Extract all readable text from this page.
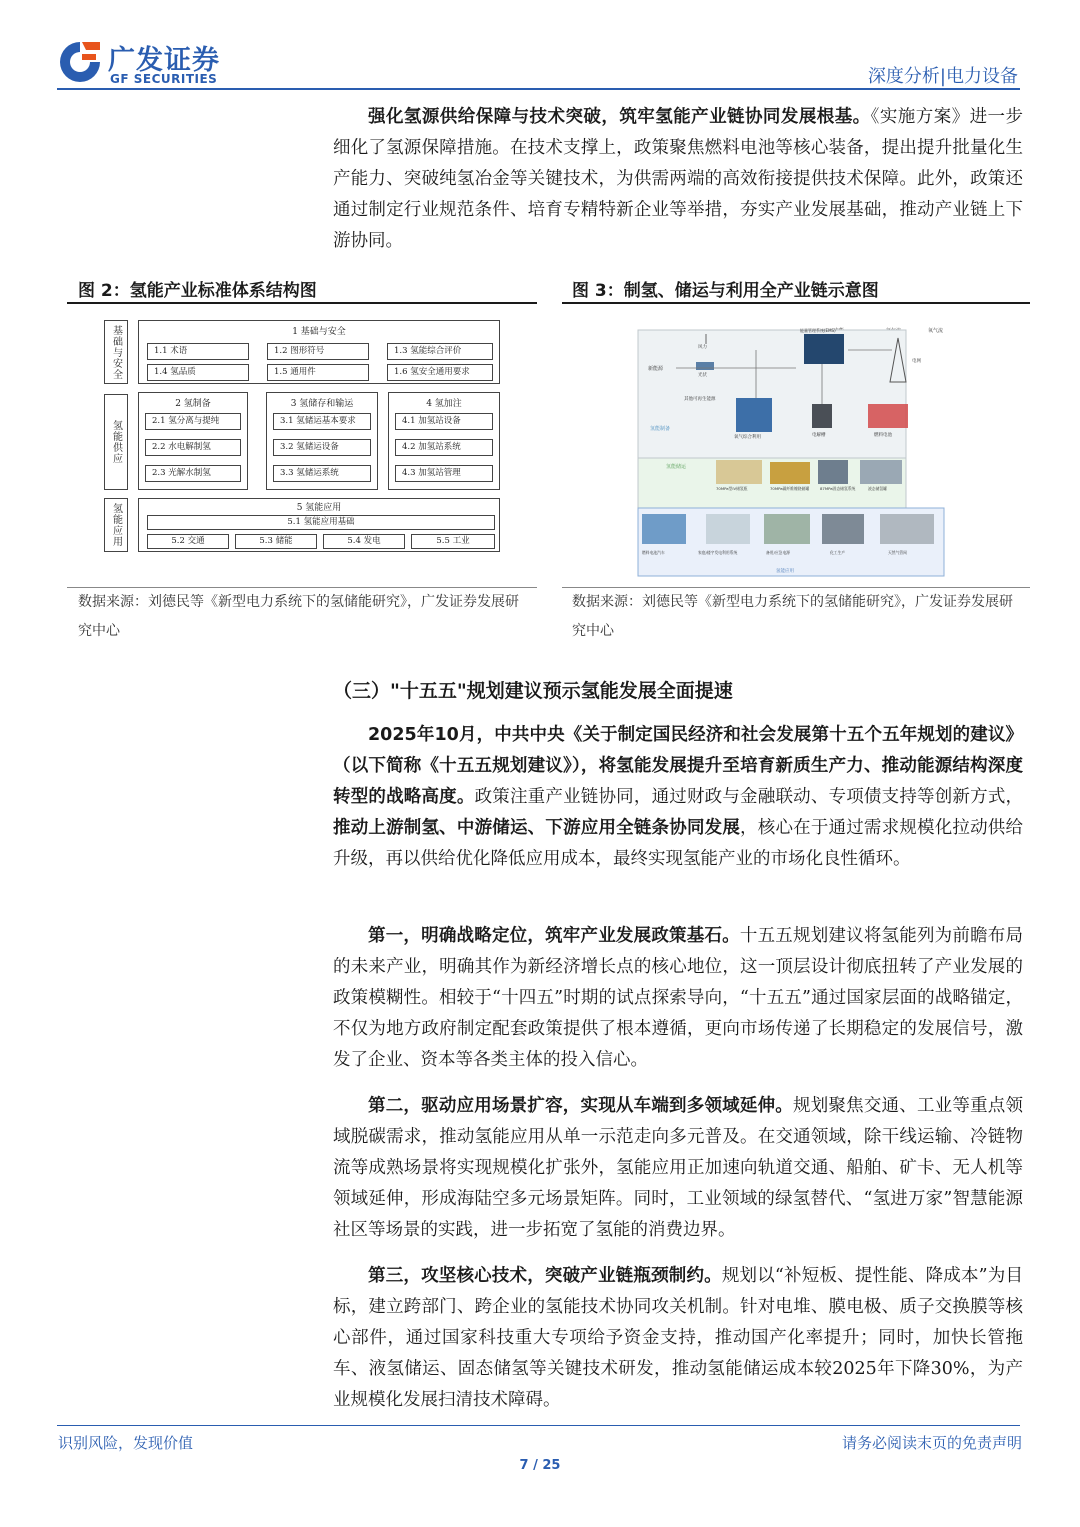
广发证券
GF SECURITIES	深度分析|电力设备
强化氢源供给保障与技术突破，筑牢氢能产业链协同发展根基。《实施方案》进一步细化了氢源保障措施。在技术支撑上，政策聚焦燃料电池等核心装备，提出提升批量化生产能力、突破纯氢冶金等关键技术，为供需两端的高效衔接提供技术保障。此外，政策还通过制定行业规范条件、培育专精特新企业等举措，夯实产业发展基础，推动产业链上下游协同。
图 2：氢能产业标准体系结构图
基础与安全
氢能供应
氢能应用
1 基础与安全
1.1 术语	1.2 图形符号	1.3 氢能综合评价
1.4 氢品质	1.5 通用件	1.6 氢安全通用要求
2 氢制备
2.1 氢分离与提纯
2.2 水电解制氢
2.3 光解水制氢
3 氢储存和输运
3.1 氢储运基本要求
3.2 氢储运设备
3.3 氢储运系统
4 氢加注
4.1 加氢站设备
4.2 加氢站系统
4.3 加氢站管理
5 氢能应用
5.1 氢能应用基础
5.2 交通	5.3 储能	5.4 发电	5.5 工业
数据来源：刘德民等《新型电力系统下的氢储能研究》，广发证券发展研究中心
图 3：制氢、储运与利用全产业链示意图
氧气流
氢能制备
新能源
风力
光伏
其他可再生能源
能量管理系统(EMS)
电网
氧气综合利用	电解槽	燃料电池
氢能储运
70MPa型IV储氢瓶	70MPa碳纤维缠绕储罐	87MPa固态储氢系统	液态储氢罐
燃料电池汽车	家庭/楼宇发电利用系统	备用/应急电源	化工生产	天然气管网
氢能应用
数据来源：刘德民等《新型电力系统下的氢储能研究》，广发证券发展研究中心
（三）"十五五"规划建议预示氢能发展全面提速
2025年10月，中共中央《关于制定国民经济和社会发展第十五个五年规划的建议》（以下简称《十五五规划建议》），将氢能发展提升至培育新质生产力、推动能源结构深度转型的战略高度。政策注重产业链协同，通过财政与金融联动、专项债支持等创新方式，推动上游制氢、中游储运、下游应用全链条协同发展，核心在于通过需求规模化拉动供给升级，再以供给优化降低应用成本，最终实现氢能产业的市场化良性循环。
第一，明确战略定位，筑牢产业发展政策基石。十五五规划建议将氢能列为前瞻布局的未来产业，明确其作为新经济增长点的核心地位，这一顶层设计彻底扭转了产业发展的政策模糊性。相较于“十四五”时期的试点探索导向，“十五五”通过国家层面的战略锚定，不仅为地方政府制定配套政策提供了根本遵循，更向市场传递了长期稳定的发展信号，激发了企业、资本等各类主体的投入信心。
第二，驱动应用场景扩容，实现从车端到多领域延伸。规划聚焦交通、工业等重点领域脱碳需求，推动氢能应用从单一示范走向多元普及。在交通领域，除干线运输、冷链物流等成熟场景将实现规模化扩张外，氢能应用正加速向轨道交通、船舶、矿卡、无人机等领域延伸，形成海陆空多元场景矩阵。同时，工业领域的绿氢替代、“氢进万家”智慧能源社区等场景的实践，进一步拓宽了氢能的消费边界。
第三，攻坚核心技术，突破产业链瓶颈制约。规划以“补短板、提性能、降成本”为目标，建立跨部门、跨企业的氢能技术协同攻关机制。针对电堆、膜电极、质子交换膜等核心部件，通过国家科技重大专项给予资金支持，推动国产化率提升；同时，加快长管拖车、液氢储运、固态储氢等关键技术研发，推动氢能储运成本较2025年下降30%，为产业规模化发展扫清技术障碍。
识别风险，发现价值	请务必阅读末页的免责声明
7 / 25
